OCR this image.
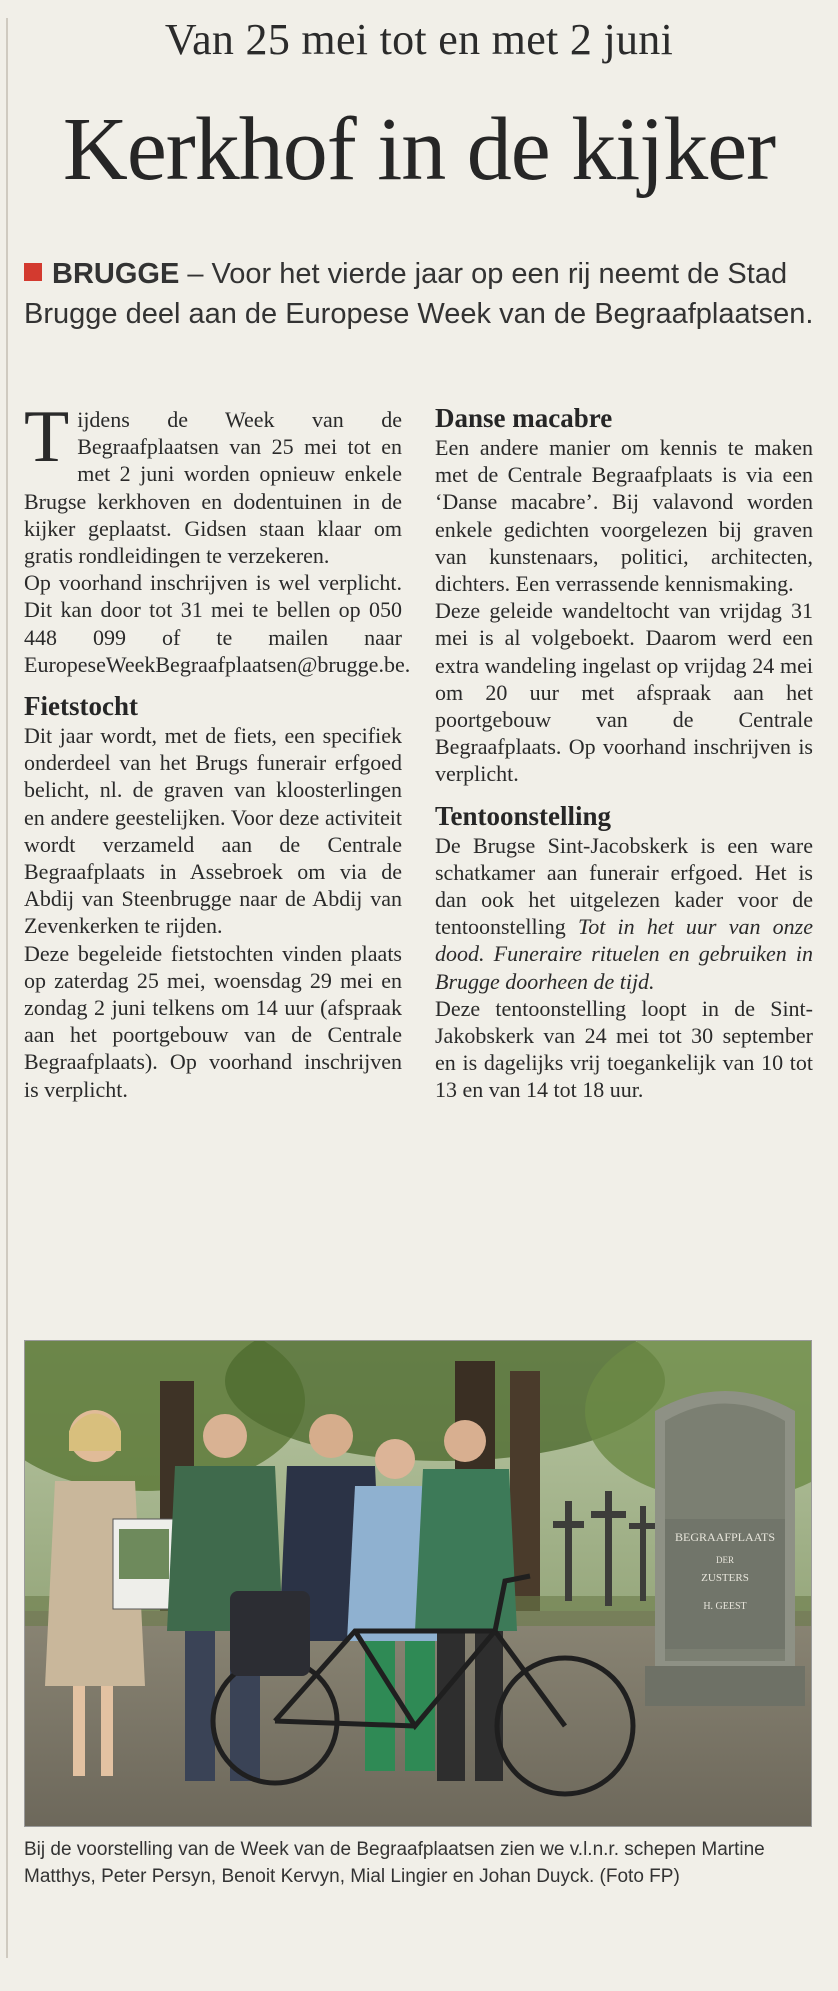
Van 25 mei tot en met 2 juni
Kerkhof in de kijker
BRUGGE – Voor het vierde jaar op een rij neemt de Stad Brugge deel aan de Europese Week van de Begraafplaatsen.

Tijdens de Week van de Begraafplaatsen van 25 mei tot en met 2 juni worden opnieuw enkele Brugse kerkhoven en dodentuinen in de kijker geplaatst. Gidsen staan klaar om gratis rondleidingen te verzekeren.

Op voorhand inschrijven is wel verplicht. Dit kan door tot 31 mei te bellen op 050 448 099 of te mailen naar EuropeseWeekBegraafplaatsen@brugge.be.

Fietstocht

Dit jaar wordt, met de fiets, een specifiek onderdeel van het Brugs funerair erfgoed belicht, nl. de graven van kloosterlingen en andere geestelijken. Voor deze activiteit wordt verzameld aan de Centrale Begraafplaats in Assebroek om via de Abdij van Steenbrugge naar de Abdij van Zevenkerken te rijden.

Deze begeleide fietstochten vinden plaats op zaterdag 25 mei, woensdag 29 mei en zondag 2 juni telkens om 14 uur (afspraak aan het poortgebouw van de Centrale Begraafplaats). Op voorhand inschrijven is verplicht.

Danse macabre

Een andere manier om kennis te maken met de Centrale Begraafplaats is via een ‘Danse macabre’. Bij valavond worden enkele gedichten voorgelezen bij graven van kunstenaars, politici, architecten, dichters. Een verrassende kennismaking.

Deze geleide wandeltocht van vrijdag 31 mei is al volgeboekt. Daarom werd een extra wandeling ingelast op vrijdag 24 mei om 20 uur met afspraak aan het poortgebouw van de Centrale Begraafplaats. Op voorhand inschrijven is verplicht.

Tentoonstelling

De Brugse Sint-Jacobskerk is een ware schatkamer aan funerair erfgoed. Het is dan ook het uitgelezen kader voor de tentoonstelling Tot in het uur van onze dood. Funeraire rituelen en gebruiken in Brugge doorheen de tijd.

Deze tentoonstelling loopt in de Sint-Jakobskerk van 24 mei tot 30 september en is dagelijks vrij toegankelijk van 10 tot 13 en van 14 tot 18 uur.

BEGRAAFPLAATS
DER
ZUSTERS
H. GEEST
Bij de voorstelling van de Week van de Begraafplaatsen zien we v.l.n.r. schepen Martine Matthys, Peter Persyn, Benoit Kervyn, Mial Lingier en Johan Duyck. (Foto FP)
